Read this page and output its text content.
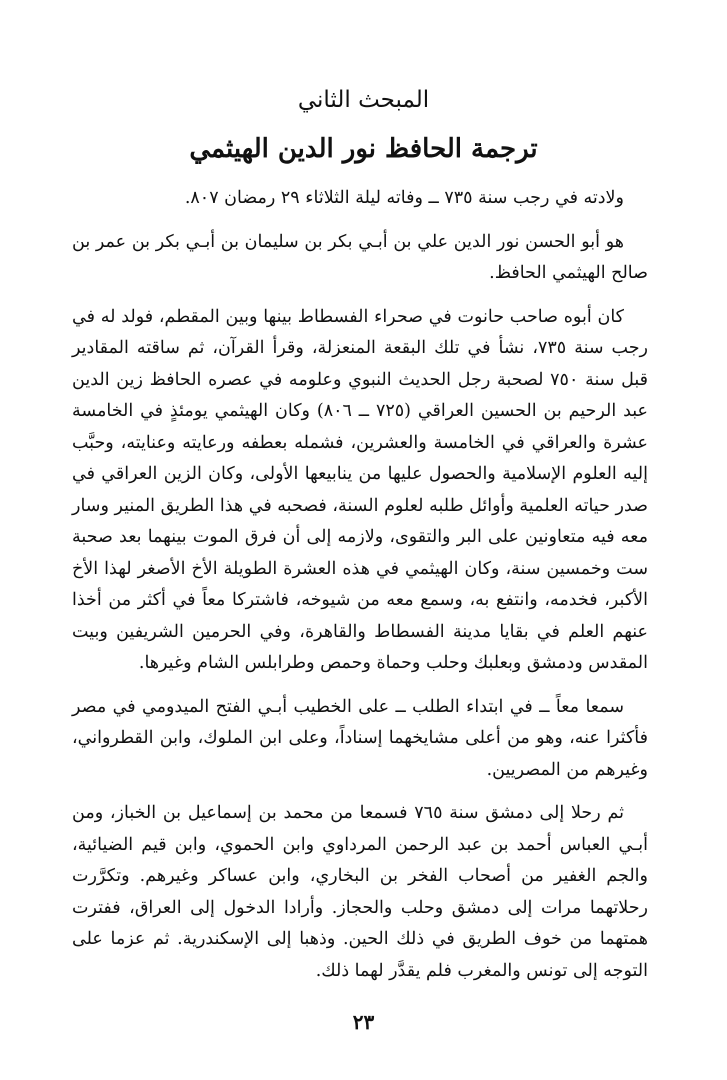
المبحث الثاني
ترجمة الحافظ نور الدين الهيثمي

ولادته في رجب سنة ٧٣٥ ــ وفاته ليلة الثلاثاء ٢٩ رمضان ٨٠٧.

هو أبو الحسن نور الدين علي بن أبـي بكر بن سليمان بن أبـي بكر بن عمر بن صالح الهيثمي الحافظ.

كان أبوه صاحب حانوت في صحراء الفسطاط بينها وبين المقطم، فولد له في رجب سنة ٧٣٥، نشأ في تلك البقعة المنعزلة، وقرأ القرآن، ثم ساقته المقادير قبل سنة ٧٥٠ لصحبة رجل الحديث النبوي وعلومه في عصره الحافظ زين الدين عبد الرحيم بن الحسين العراقي (٧٢٥ ــ ٨٠٦) وكان الهيثمي يومئذٍ في الخامسة عشرة والعراقي في الخامسة والعشرين، فشمله بعطفه ورعايته وعنايته، وحبَّب إليه العلوم الإسلامية والحصول عليها من ينابيعها الأولى، وكان الزين العراقي في صدر حياته العلمية وأوائل طلبه لعلوم السنة، فصحبه في هذا الطريق المنير وسار معه فيه متعاونين على البر والتقوى، ولازمه إلى أن فرق الموت بينهما بعد صحبة ست وخمسين سنة، وكان الهيثمي في هذه العشرة الطويلة الأخ الأصغر لهذا الأخ الأكبر، فخدمه، وانتفع به، وسمع معه من شيوخه، فاشتركا معاً في أكثر من أخذا عنهم العلم في بقايا مدينة الفسطاط والقاهرة، وفي الحرمين الشريفين وبيت المقدس ودمشق وبعلبك وحلب وحماة وحمص وطرابلس الشام وغيرها.

سمعا معاً ــ في ابتداء الطلب ــ على الخطيب أبـي الفتح الميدومي في مصر فأكثرا عنه، وهو من أعلى مشايخهما إسناداً، وعلى ابن الملوك، وابن القطرواني، وغيرهم من المصريين.

ثم رحلا إلى دمشق سنة ٧٦٥ فسمعا من محمد بن إسماعيل بن الخباز، ومن أبـي العباس أحمد بن عبد الرحمن المرداوي وابن الحموي، وابن قيم الضيائية، والجم الغفير من أصحاب الفخر بن البخاري، وابن عساكر وغيرهم. وتكرَّرت رحلاتهما مرات إلى دمشق وحلب والحجاز. وأرادا الدخول إلى العراق، ففترت همتهما من خوف الطريق في ذلك الحين. وذهبا إلى الإسكندرية. ثم عزما على التوجه إلى تونس والمغرب فلم يقدَّر لهما ذلك.

٢٣
